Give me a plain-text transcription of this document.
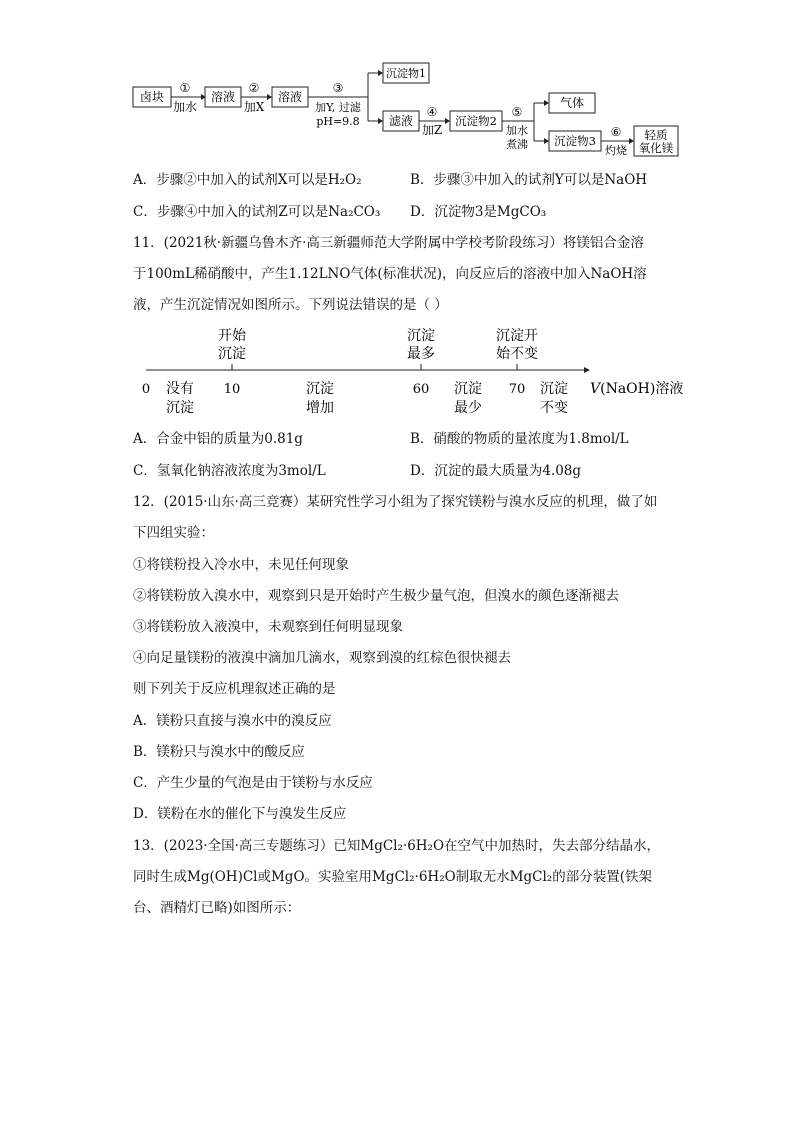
卤块
①
加水
溶液
②
加X
溶液
③
加Y, 过滤
pH=9.8
沉淀物1
滤液
④
加Z
沉淀物2
⑤
加水
煮沸
气体
沉淀物3
⑥
灼烧
轻质
氧化镁
A．步骤②中加入的试剂X可以是H₂O₂	B．步骤③中加入的试剂Y可以是NaOH
C．步骤④中加入的试剂Z可以是Na₂CO₃ D．沉淀物3是MgCO₃
11．(2021秋·新疆乌鲁木齐·高三新疆师范大学附属中学校考阶段练习）将镁铝合金溶
于100mL稀硝酸中，产生1.12LNO气体(标准状况)，向反应后的溶液中加入NaOH溶
液，产生沉淀情况如图所示。下列说法错误的是（ ）
开始
沉淀
沉淀
最多
沉淀开
始不变
0	10	60	70
没有
沉淀
沉淀
增加
沉淀
最少
沉淀
不变
V(NaOH)溶液
A．合金中铝的质量为0.81g	B．硝酸的物质的量浓度为1.8mol/L
C．氢氧化钠溶液浓度为3mol/L	D．沉淀的最大质量为4.08g
12．(2015·山东·高三竞赛）某研究性学习小组为了探究镁粉与溴水反应的机理，做了如
下四组实验：
①将镁粉投入冷水中，未见任何现象
②将镁粉放入溴水中，观察到只是开始时产生极少量气泡，但溴水的颜色逐渐褪去
③将镁粉放入液溴中，未观察到任何明显现象
④向足量镁粉的液溴中滴加几滴水，观察到溴的红棕色很快褪去
则下列关于反应机理叙述正确的是
A．镁粉只直接与溴水中的溴反应
B．镁粉只与溴水中的酸反应
C．产生少量的气泡是由于镁粉与水反应
D．镁粉在水的催化下与溴发生反应
13．(2023·全国·高三专题练习）已知MgCl₂·6H₂O在空气中加热时，失去部分结晶水，
同时生成Mg(OH)Cl或MgO。实验室用MgCl₂·6H₂O制取无水MgCl₂的部分装置(铁架
台、酒精灯已略)如图所示：
